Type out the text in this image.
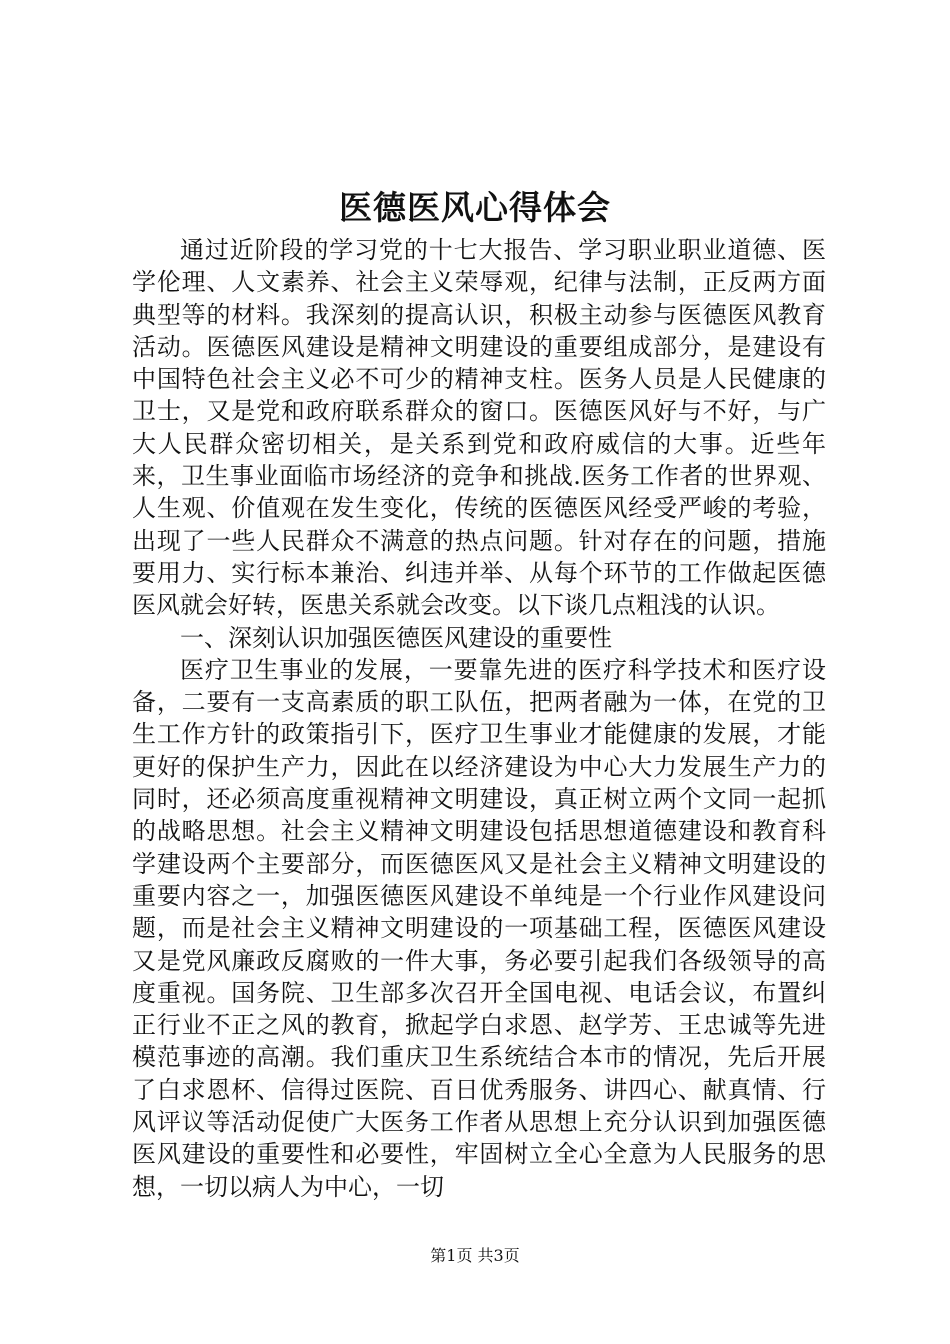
医德医风心得体会

通过近阶段的学习党的十七大报告、学习职业职业道德、医学伦理、人文素养、社会主义荣辱观，纪律与法制，正反两方面典型等的材料。我深刻的提高认识，积极主动参与医德医风教育活动。医德医风建设是精神文明建设的重要组成部分，是建设有中国特色社会主义必不可少的精神支柱。医务人员是人民健康的卫士，又是党和政府联系群众的窗口。医德医风好与不好，与广大人民群众密切相关，是关系到党和政府威信的大事。近些年来，卫生事业面临市场经济的竞争和挑战.医务工作者的世界观、人生观、价值观在发生变化，传统的医德医风经受严峻的考验，出现了一些人民群众不满意的热点问题。针对存在的问题，措施要用力、实行标本兼治、纠违并举、从每个环节的工作做起医德医风就会好转，医患关系就会改变。以下谈几点粗浅的认识。

一、深刻认识加强医德医风建设的重要性

医疗卫生事业的发展，一要靠先进的医疗科学技术和医疗设备，二要有一支高素质的职工队伍，把两者融为一体，在党的卫生工作方针的政策指引下，医疗卫生事业才能健康的发展，才能更好的保护生产力，因此在以经济建设为中心大力发展生产力的同时，还必须高度重视精神文明建设，真正树立两个文同一起抓的战略思想。社会主义精神文明建设包括思想道德建设和教育科学建设两个主要部分，而医德医风又是社会主义精神文明建设的重要内容之一，加强医德医风建设不单纯是一个行业作风建设问题，而是社会主义精神文明建设的一项基础工程，医德医风建设又是党风廉政反腐败的一件大事，务必要引起我们各级领导的高度重视。国务院、卫生部多次召开全国电视、电话会议，布置纠正行业不正之风的教育，掀起学白求恩、赵学芳、王忠诚等先进模范事迹的高潮。我们重庆卫生系统结合本市的情况，先后开展了白求恩杯、信得过医院、百日优秀服务、讲四心、献真情、行风评议等活动促使广大医务工作者从思想上充分认识到加强医德医风建设的重要性和必要性，牢固树立全心全意为人民服务的思想，一切以病人为中心，一切

第1页 共3页
